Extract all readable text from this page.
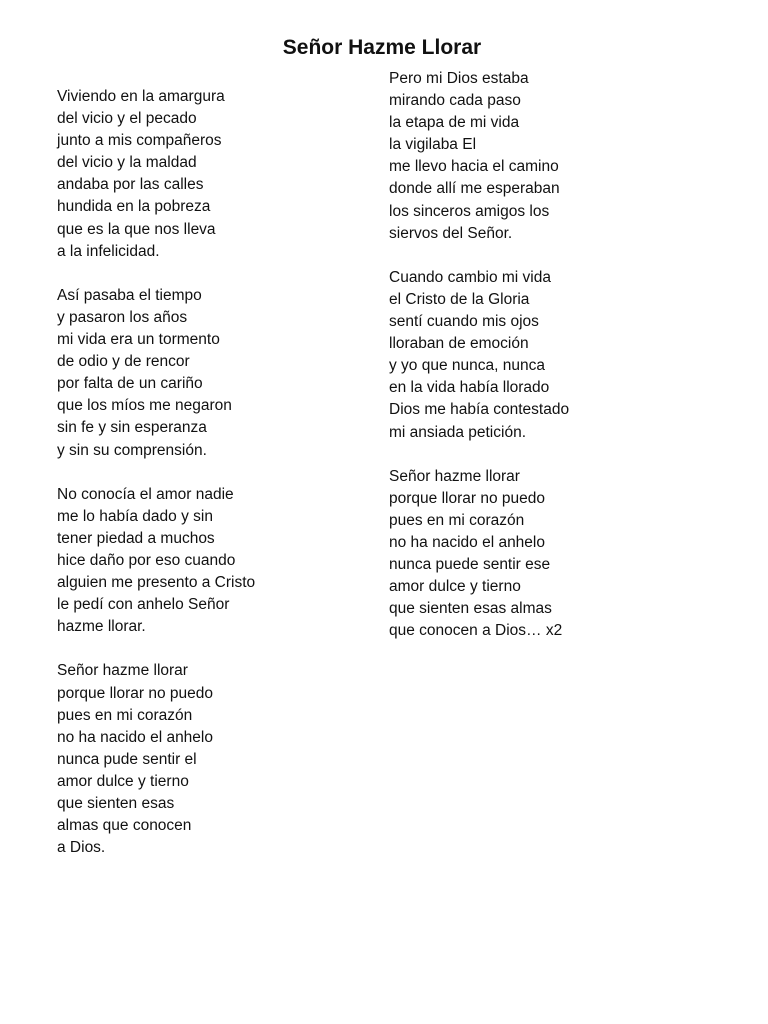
Señor Hazme Llorar
Viviendo en la amargura
del vicio y el pecado
junto a mis compañeros
del vicio y la maldad
andaba por las calles
hundida en la pobreza
que es la que nos lleva
a la infelicidad.
Así pasaba el tiempo
y pasaron los años
mi vida era un tormento
de odio y de rencor
por falta de un cariño
que los míos me negaron
sin fe y sin esperanza
y sin su comprensión.
No conocía el amor nadie
me lo había dado y sin
tener piedad a muchos
hice daño por eso cuando
alguien me presento a Cristo
le pedí con anhelo Señor
hazme llorar.
Señor hazme llorar
porque llorar no puedo
pues en mi corazón
no ha nacido el anhelo
nunca pude sentir el
amor dulce y tierno
que sienten esas
almas que conocen
a Dios.
Pero mi Dios estaba
mirando cada paso
la etapa de mi vida
la vigilaba El
me llevo hacia el camino
donde allí me esperaban
los sinceros amigos los
siervos del Señor.
Cuando cambio mi vida
el Cristo de la Gloria
sentí cuando mis ojos
lloraban de emoción
y yo que nunca, nunca
en la vida había llorado
Dios me había contestado
mi ansiada petición.
Señor hazme llorar
porque llorar no puedo
pues en mi corazón
no ha nacido el anhelo
nunca puede sentir ese
amor dulce y tierno
que sienten esas almas
que conocen a Dios… x2
